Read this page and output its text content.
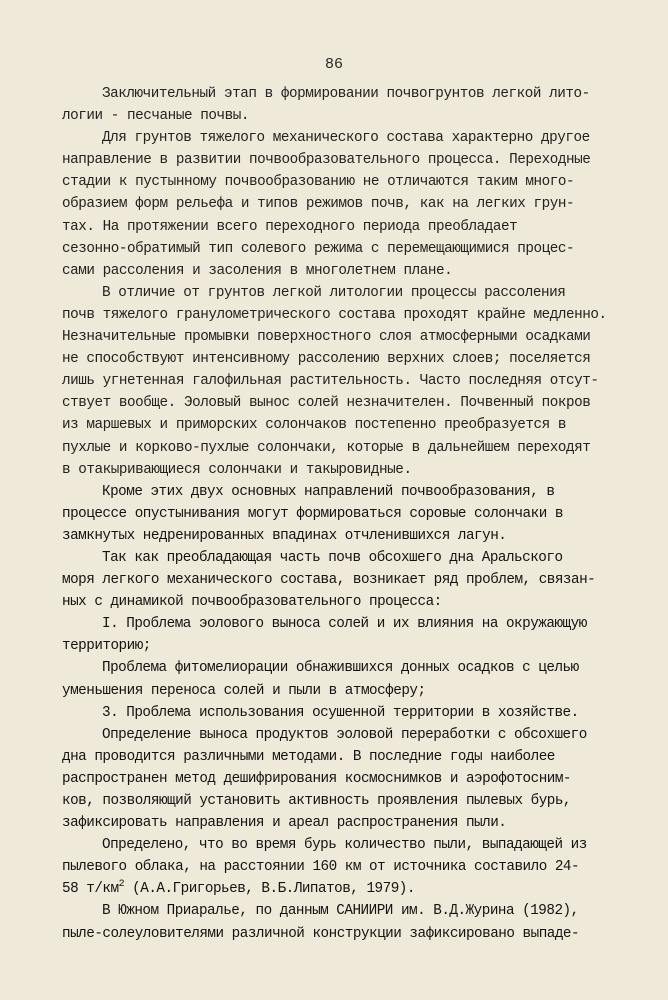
86
Заключительный этап в формировании почвогрунтов легкой лито-
логии - песчаные почвы.
Для грунтов тяжелого механического состава характерно другое
направление в развитии почвообразовательного процесса. Переходные
стадии к пустынному почвообразованию не отличаются таким много-
образием форм рельефа и типов режимов почв, как на легких грун-
тах. На протяжении всего переходного периода преобладает
сезонно-обратимый тип солевого режима с перемещающимися процес-
сами рассоления и засоления в многолетнем плане.
В отличие от грунтов легкой литологии процессы рассоления
почв тяжелого гранулометрического состава проходят крайне медленно.
Незначительные промывки поверхностного слоя атмосферными осадками
не способствуют интенсивному рассолению верхних слоев; поселяется
лишь угнетенная галофильная растительность. Часто последняя отсут-
ствует вообще. Эоловый вынос солей незначителен. Почвенный покров
из маршевых и приморских солончаков постепенно преобразуется в
пухлые и корково-пухлые солончаки, которые в дальнейшем переходят
в отакыривающиеся солончаки и такыровидные.
Кроме этих двух основных направлений почвообразования, в
процессе опустынивания могут формироваться соровые солончаки в
замкнутых недренированных впадинах отчленившихся лагун.
Так как преобладающая часть почв обсохшего дна Аральского
моря легкого механического состава, возникает ряд проблем, связан-
ных с динамикой почвообразовательного процесса:
I. Проблема эолового выноса солей и их влияния на окружающую
территорию;
Проблема фитомелиорации обнажившихся донных осадков с целью
уменьшения переноса солей и пыли в атмосферу;
3. Проблема использования осушенной территории в хозяйстве.
Определение выноса продуктов эоловой переработки с обсохшего
дна проводится различными методами. В последние годы наиболее
распространен метод дешифрирования космоснимков и аэрофотосним-
ков, позволяющий установить активность проявления пылевых бурь,
зафиксировать направления и ареал распространения пыли.
Определено, что во время бурь количество пыли, выпадающей из
пылевого облака, на расстоянии 160 км от источника составило 24-
58 $т/км^2$ (А.А.Григорьев, В.Б.Липатов, 1979).
В Южном Приаралье, по данным САНИИРИ им. В.Д.Журина (1982),
пыле-солеуловителями различной конструкции зафиксировано выпаде-
